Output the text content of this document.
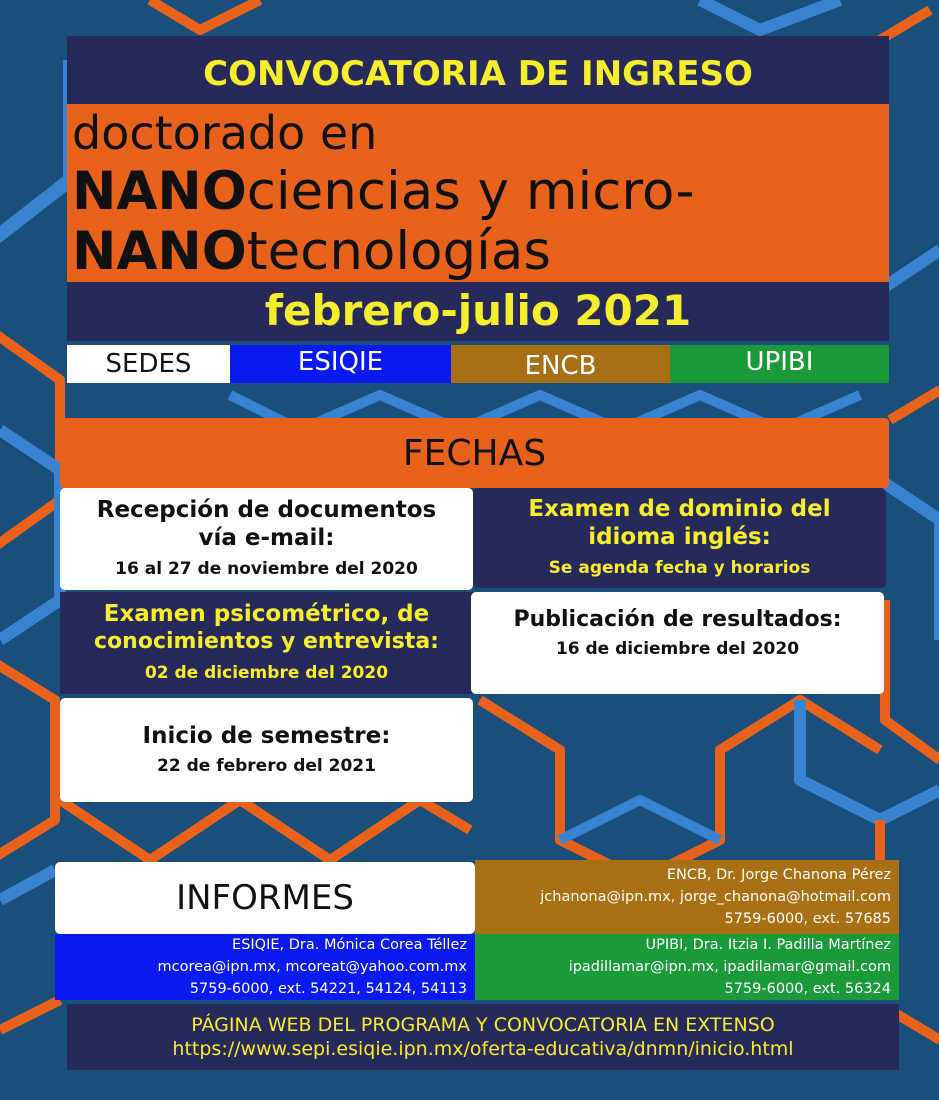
CONVOCATORIA DE INGRESO
doctorado en
NANOciencias y micro-
NANOtecnologías
febrero-julio 2021
SEDES	ESIQIE	ENCB	UPIBI
FECHAS
Recepción de documentos
vía e-mail:
16 al 27 de noviembre del 2020
Examen de dominio del
idioma inglés:
Se agenda fecha y horarios
Examen psicométrico, de
conocimientos y entrevista:
02 de diciembre del 2020
Publicación de resultados:
16 de diciembre del 2020
Inicio de semestre:
22 de febrero del 2021
INFORMES
ENCB, Dr. Jorge Chanona Pérez
jchanona@ipn.mx, jorge_chanona@hotmail.com
5759-6000, ext. 57685
ESIQIE, Dra. Mónica Corea Téllez
mcorea@ipn.mx, mcoreat@yahoo.com.mx
5759-6000, ext. 54221, 54124, 54113
UPIBI, Dra. Itzia I. Padilla Martínez
ipadillamar@ipn.mx, ipadilamar@gmail.com
5759-6000, ext. 56324
PÁGINA WEB DEL PROGRAMA Y CONVOCATORIA EN EXTENSO
https://www.sepi.esiqie.ipn.mx/oferta-educativa/dnmn/inicio.html
